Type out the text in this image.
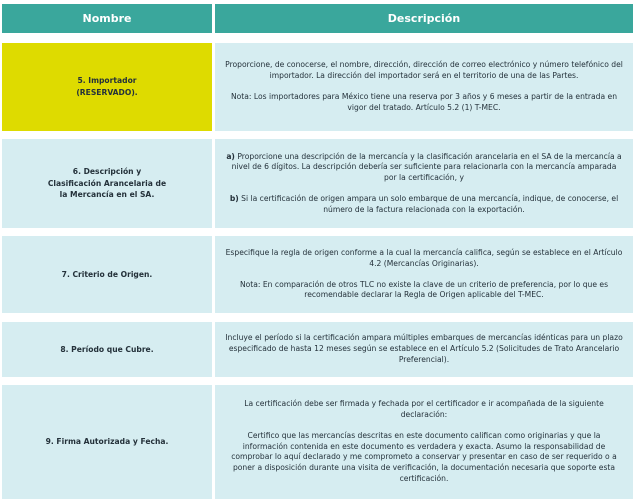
Nombre	Descripción
5. Importador
(RESERVADO).

Proporcione, de conocerse, el nombre, dirección, dirección de correo electrónico y número telefónico del importador. La dirección del importador será en el territorio de una de las Partes.

Nota: Los importadores para México tiene una reserva por 3 años y 6 meses a partir de la entrada en vigor del tratado. Artículo 5.2 (1) T-MEC.

6. Descripción y
Clasificación Arancelaria de
la Mercancía en el SA.

a) Proporcione una descripción de la mercancía y la clasificación arancelaria en el SA de la mercancía a nivel de 6 dígitos. La descripción debería ser suficiente para relacionarla con la mercancía amparada por la certificación, y

b) Si la certificación de origen ampara un solo embarque de una mercancía, indique, de conocerse, el número de la factura relacionada con la exportación.

7. Criterio de Origen.

Especifique la regla de origen conforme a la cual la mercancía califica, según se establece en el Artículo 4.2 (Mercancías Originarias).

Nota: En comparación de otros TLC no existe la clave de un criterio de preferencia, por lo que es recomendable declarar la Regla de Origen aplicable del T-MEC.

8. Período que Cubre.

Incluye el período si la certificación ampara múltiples embarques de mercancías idénticas para un plazo especificado de hasta 12 meses según se establece en el Artículo 5.2 (Solicitudes de Trato Arancelario Preferencial).

9. Firma Autorizada y Fecha.

La certificación debe ser firmada y fechada por el certificador e ir acompañada de la siguiente declaración:

Certifico que las mercancías descritas en este documento califican como originarias y que la información contenida en este documento es verdadera y exacta. Asumo la responsabilidad de comprobar lo aquí declarado y me comprometo a conservar y presentar en caso de ser requerido o a poner a disposición durante una visita de verificación, la documentación necesaria que soporte esta certificación.
